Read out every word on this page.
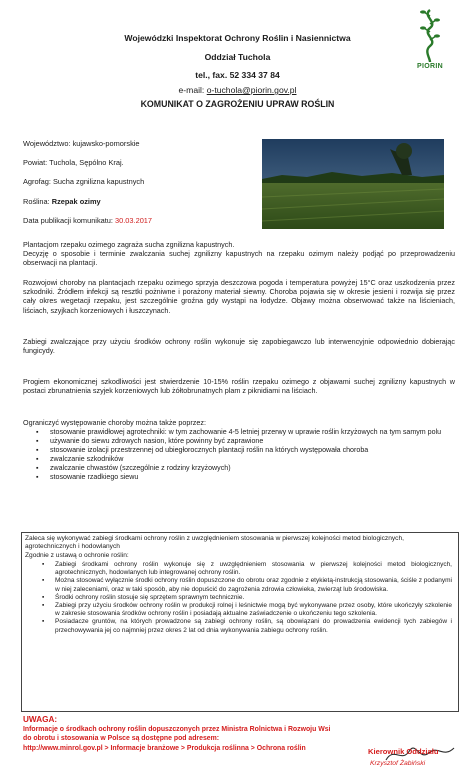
Wojewódzki Inspektorat Ochrony Roślin i Nasiennictwa
Oddział Tuchola
tel., fax. 52 334 37 84
e-mail: o-tuchola@piorin.gov.pl
PIORIN
KOMUNIKAT O ZAGROŻENIU UPRAW ROŚLIN
Województwo: kujawsko-pomorskie
Powiat: Tuchola, Sępólno Kraj.
Agrofag: Sucha zgnilizna kapustnych
Roślina: Rzepak ozimy
Data publikacji komunikatu: 30.03.2017
Plantacjom rzepaku ozimego zagraża sucha zgnilizna kapustnych.
Decyzję o sposobie i terminie zwalczania suchej zgnilizny kapustnych na rzepaku ozimym należy podjąć po przeprowadzeniu obserwacji na plantacji.
Rozwojowi choroby na plantacjach rzepaku ozimego sprzyja deszczowa pogoda i temperatura powyżej 15°C oraz uszkodzenia przez szkodniki. Źródłem infekcji są resztki pożniwne i porażony materiał siewny. Choroba pojawia się w okresie jesieni i rozwija się przez cały okres wegetacji rzepaku, jest szczególnie groźna gdy wystąpi na łodydze. Objawy można obserwować także na liścieniach, liściach, szyjkach korzeniowych i łuszczynach.
Zabiegi zwalczające przy użyciu środków ochrony roślin wykonuje się zapobiegawczo lub interwencyjnie odpowiednio dobierając fungicydy.
Progiem ekonomicznej szkodliwości jest stwierdzenie 10-15% roślin rzepaku ozimego z objawami suchej zgnilizny kapustnych w postaci zbrunatnienia szyjek korzeniowych lub żółtobrunatnych plam z piknidiami na liściach.
Ograniczyć występowanie choroby można także poprzez:
▪ stosowanie prawidłowej agrotechniki: w tym zachowanie 4-5 letniej przerwy w uprawie roślin krzyżowych na tym samym polu
▪ używanie do siewu zdrowych nasion, które powinny być zaprawione
▪ stosowanie izolacji przestrzennej od ubiegłorocznych plantacji roślin na których występowała choroba
▪ zwalczanie szkodników
▪ zwalczanie chwastów (szczególnie z rodziny krzyżowych)
▪ stosowanie rzadkiego siewu
Zaleca się wykonywać zabiegi środkami ochrony roślin z uwzględnieniem stosowania w pierwszej kolejności metod biologicznych, agrotechnicznych i hodowlanych
Zgodnie z ustawą o ochronie roślin:
▪ Zabiegi środkami ochrony roślin wykonuje się z uwzględnieniem stosowania w pierwszej kolejności metod biologicznych, agrotechnicznych, hodowlanych lub integrowanej ochrony roślin.
▪ Można stosować wyłącznie środki ochrony roślin dopuszczone do obrotu oraz zgodnie z etykietą-instrukcją stosowania, ściśle z podanymi w niej zaleceniami, oraz w taki sposób, aby nie dopuścić do zagrożenia zdrowia człowieka, zwierząt lub środowiska.
▪ Środki ochrony roślin stosuje się sprzętem sprawnym technicznie.
▪ Zabiegi przy użyciu środków ochrony roślin w produkcji rolnej i leśnictwie mogą być wykonywane przez osoby, które ukończyły szkolenie w zakresie stosowania środków ochrony roślin i posiadają aktualne zaświadczenie o ukończeniu tego szkolenia.
▪ Posiadacze gruntów, na których prowadzone są zabiegi ochrony roślin, są obowiązani do prowadzenia ewidencji tych zabiegów i przechowywania jej co najmniej przez okres 2 lat od dnia wykonywania zabiegu ochrony roślin.
UWAGA:
Informacje o środkach ochrony roślin dopuszczonych przez Ministra Rolnictwa i Rozwoju Wsi
do obrotu i stosowania w Polsce są dostępne pod adresem:
http://www.minrol.gov.pl > Informacje branżowe > Produkcja roślinna > Ochrona roślin	Kierownik Oddziału
Krzysztof Żabiński
